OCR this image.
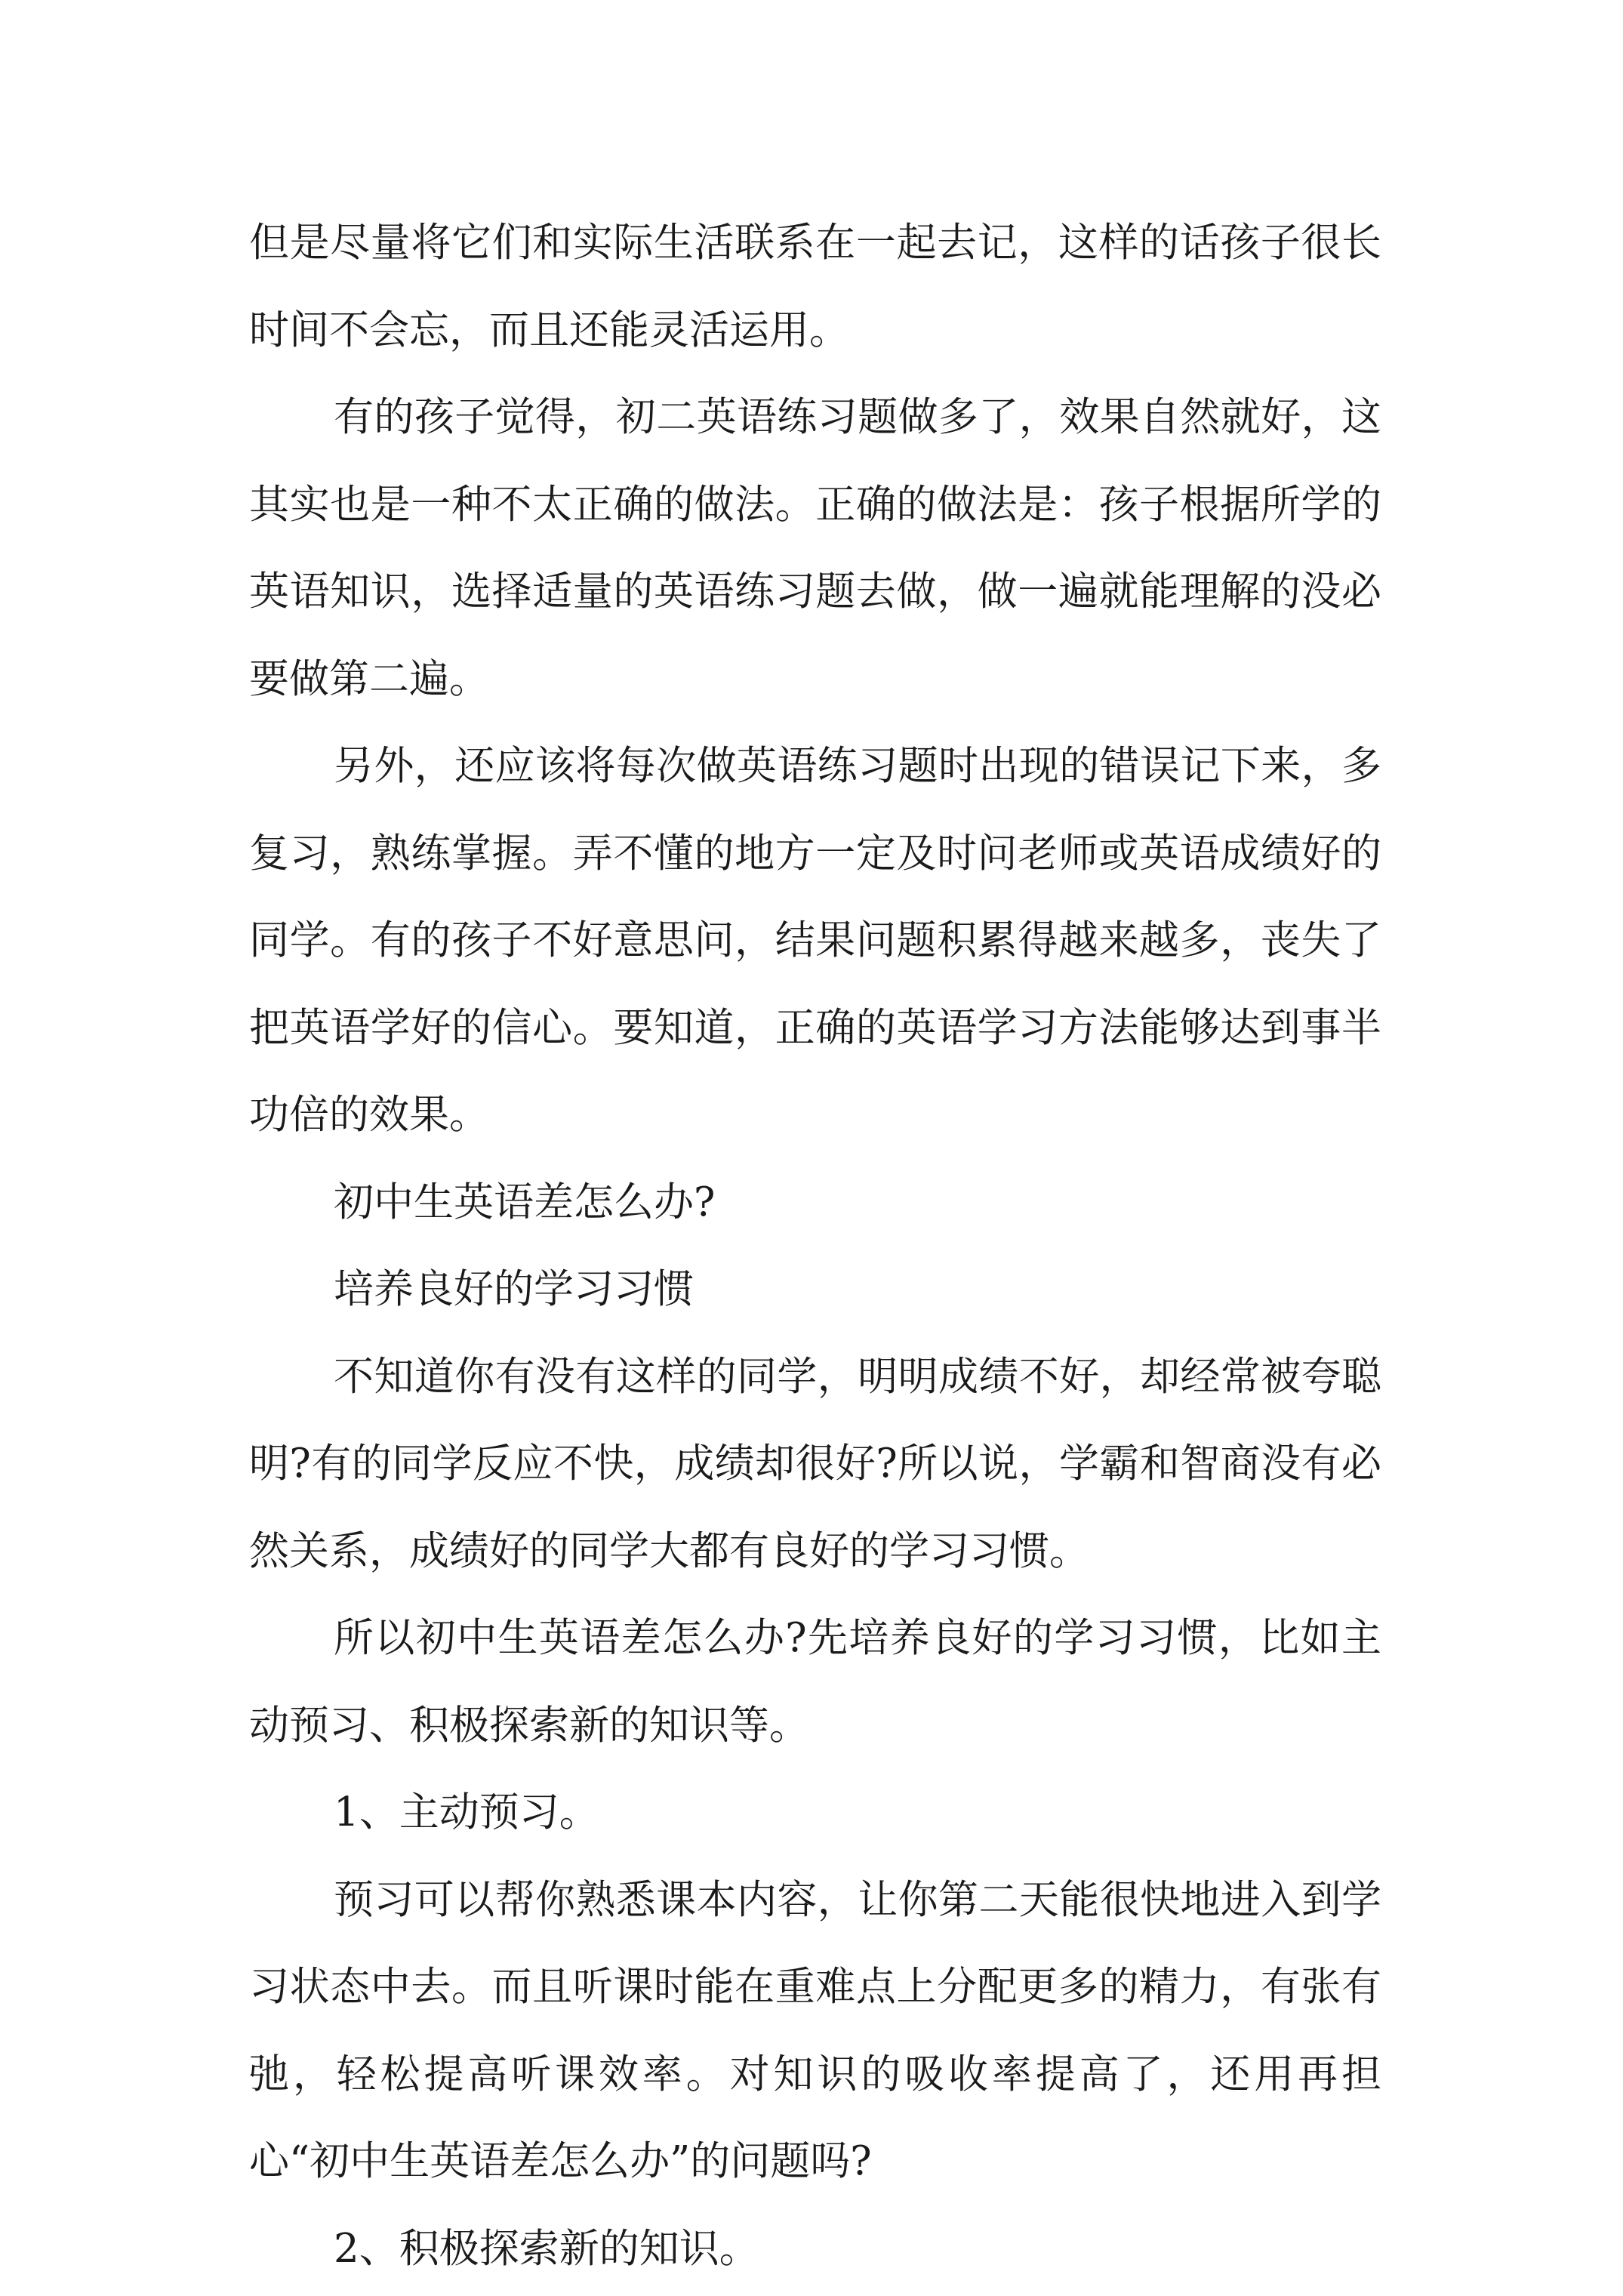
但是尽量将它们和实际生活联系在一起去记，这样的话孩子很长时间不会忘，而且还能灵活运用。

有的孩子觉得，初二英语练习题做多了，效果自然就好，这其实也是一种不太正确的做法。正确的做法是：孩子根据所学的英语知识，选择适量的英语练习题去做，做一遍就能理解的没必要做第二遍。

另外，还应该将每次做英语练习题时出现的错误记下来，多复习，熟练掌握。弄不懂的地方一定及时问老师或英语成绩好的同学。有的孩子不好意思问，结果问题积累得越来越多，丧失了把英语学好的信心。要知道，正确的英语学习方法能够达到事半功倍的效果。

初中生英语差怎么办?

培养良好的学习习惯

不知道你有没有这样的同学，明明成绩不好，却经常被夸聪明?有的同学反应不快，成绩却很好?所以说，学霸和智商没有必然关系，成绩好的同学大都有良好的学习习惯。

所以初中生英语差怎么办?先培养良好的学习习惯，比如主动预习、积极探索新的知识等。

1、主动预习。

预习可以帮你熟悉课本内容，让你第二天能很快地进入到学习状态中去。而且听课时能在重难点上分配更多的精力，有张有弛，轻松提高听课效率。对知识的吸收率提高了，还用再担心“初中生英语差怎么办”的问题吗?

2、积极探索新的知识。
